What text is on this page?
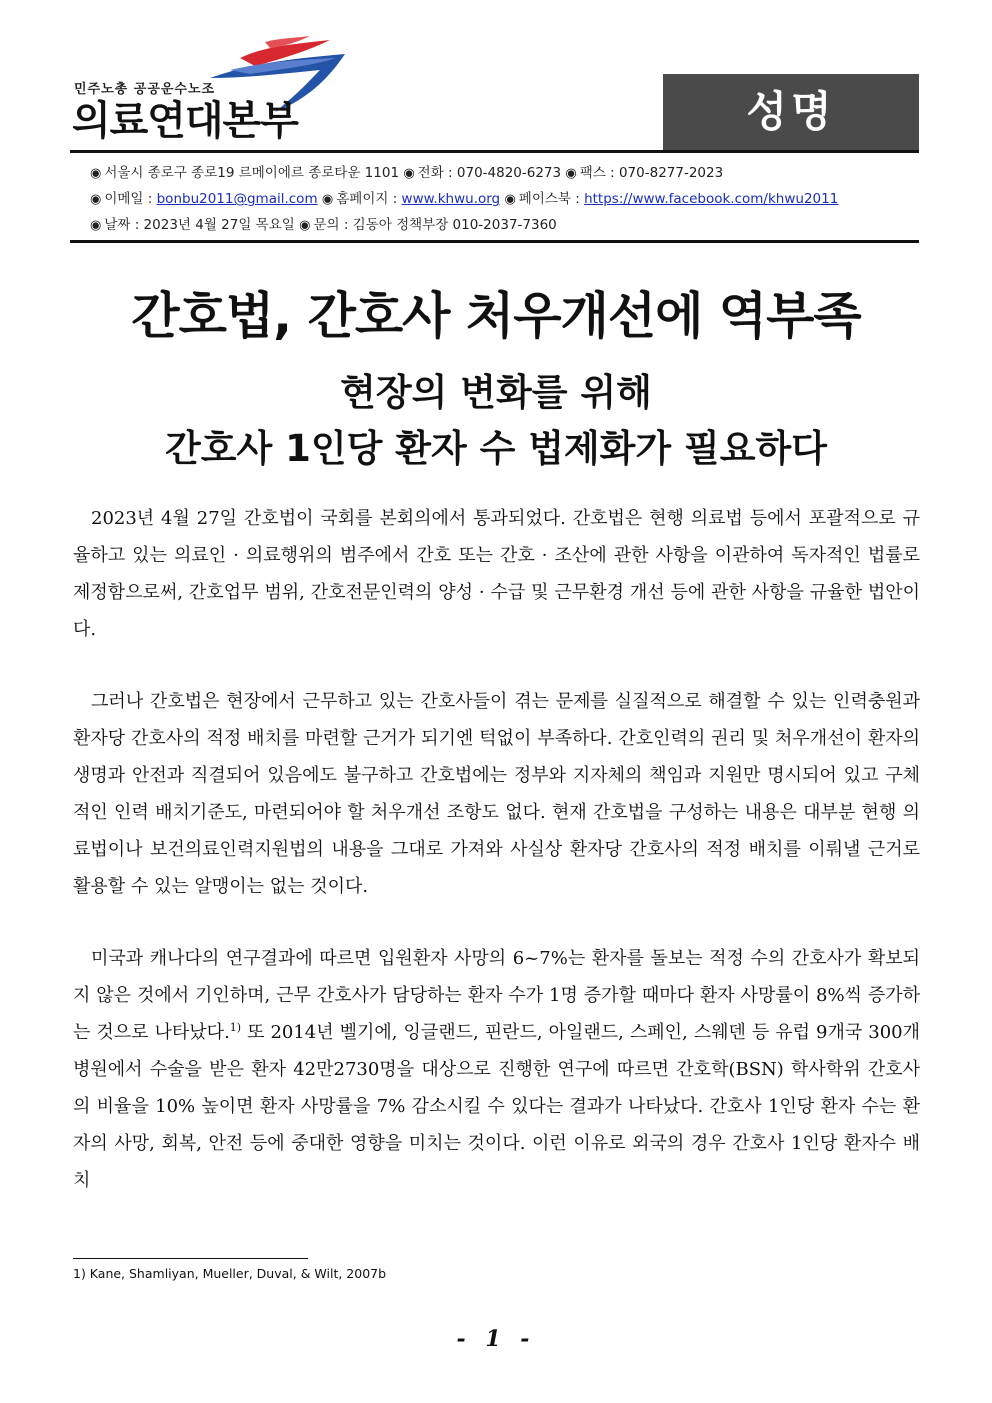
민주노총 공공운수노조
의료연대본부	성명
◉ 서울시 종로구 종로19 르메이에르 종로타운 1101 ◉ 전화 : 070-4820-6273 ◉ 팩스 : 070-8277-2023
◉ 이메일 : bonbu2011@gmail.com ◉ 홈페이지 : www.khwu.org ◉ 페이스북 : https://www.facebook.com/khwu2011
◉ 날짜 : 2023년 4월 27일 목요일 ◉ 문의 : 김동아 정책부장 010-2037-7360
간호법, 간호사 처우개선에 역부족
현장의 변화를 위해
간호사 1인당 환자 수 법제화가 필요하다

2023년 4월 27일 간호법이 국회를 본회의에서 통과되었다. 간호법은 현행 의료법 등에서 포괄적으로 규율하고 있는 의료인 · 의료행위의 범주에서 간호 또는 간호 · 조산에 관한 사항을 이관하여 독자적인 법률로 제정함으로써, 간호업무 범위, 간호전문인력의 양성 · 수급 및 근무환경 개선 등에 관한 사항을 규율한 법안이다.

그러나 간호법은 현장에서 근무하고 있는 간호사들이 겪는 문제를 실질적으로 해결할 수 있는 인력충원과 환자당 간호사의 적정 배치를 마련할 근거가 되기엔 턱없이 부족하다. 간호인력의 권리 및 처우개선이 환자의 생명과 안전과 직결되어 있음에도 불구하고 간호법에는 정부와 지자체의 책임과 지원만 명시되어 있고 구체적인 인력 배치기준도, 마련되어야 할 처우개선 조항도 없다. 현재 간호법을 구성하는 내용은 대부분 현행 의료법이나 보건의료인력지원법의 내용을 그대로 가져와 사실상 환자당 간호사의 적정 배치를 이뤄낼 근거로 활용할 수 있는 알맹이는 없는 것이다.

미국과 캐나다의 연구결과에 따르면 입원환자 사망의 6~7%는 환자를 돌보는 적정 수의 간호사가 확보되지 않은 것에서 기인하며, 근무 간호사가 담당하는 환자 수가 1명 증가할 때마다 환자 사망률이 8%씩 증가하는 것으로 나타났다.$^{1)}$ 또 2014년 벨기에, 잉글랜드, 핀란드, 아일랜드, 스페인, 스웨덴 등 유럽 9개국 300개 병원에서 수술을 받은 환자 42만2730명을 대상으로 진행한 연구에 따르면 간호학(BSN) 학사학위 간호사의 비율을 10% 높이면 환자 사망률을 7% 감소시킬 수 있다는 결과가 나타났다. 간호사 1인당 환자 수는 환자의 사망, 회복, 안전 등에 중대한 영향을 미치는 것이다. 이런 이유로 외국의 경우 간호사 1인당 환자수 배치

1) Kane, Shamliyan, Mueller, Duval, & Wilt, 2007b
- 1 -
